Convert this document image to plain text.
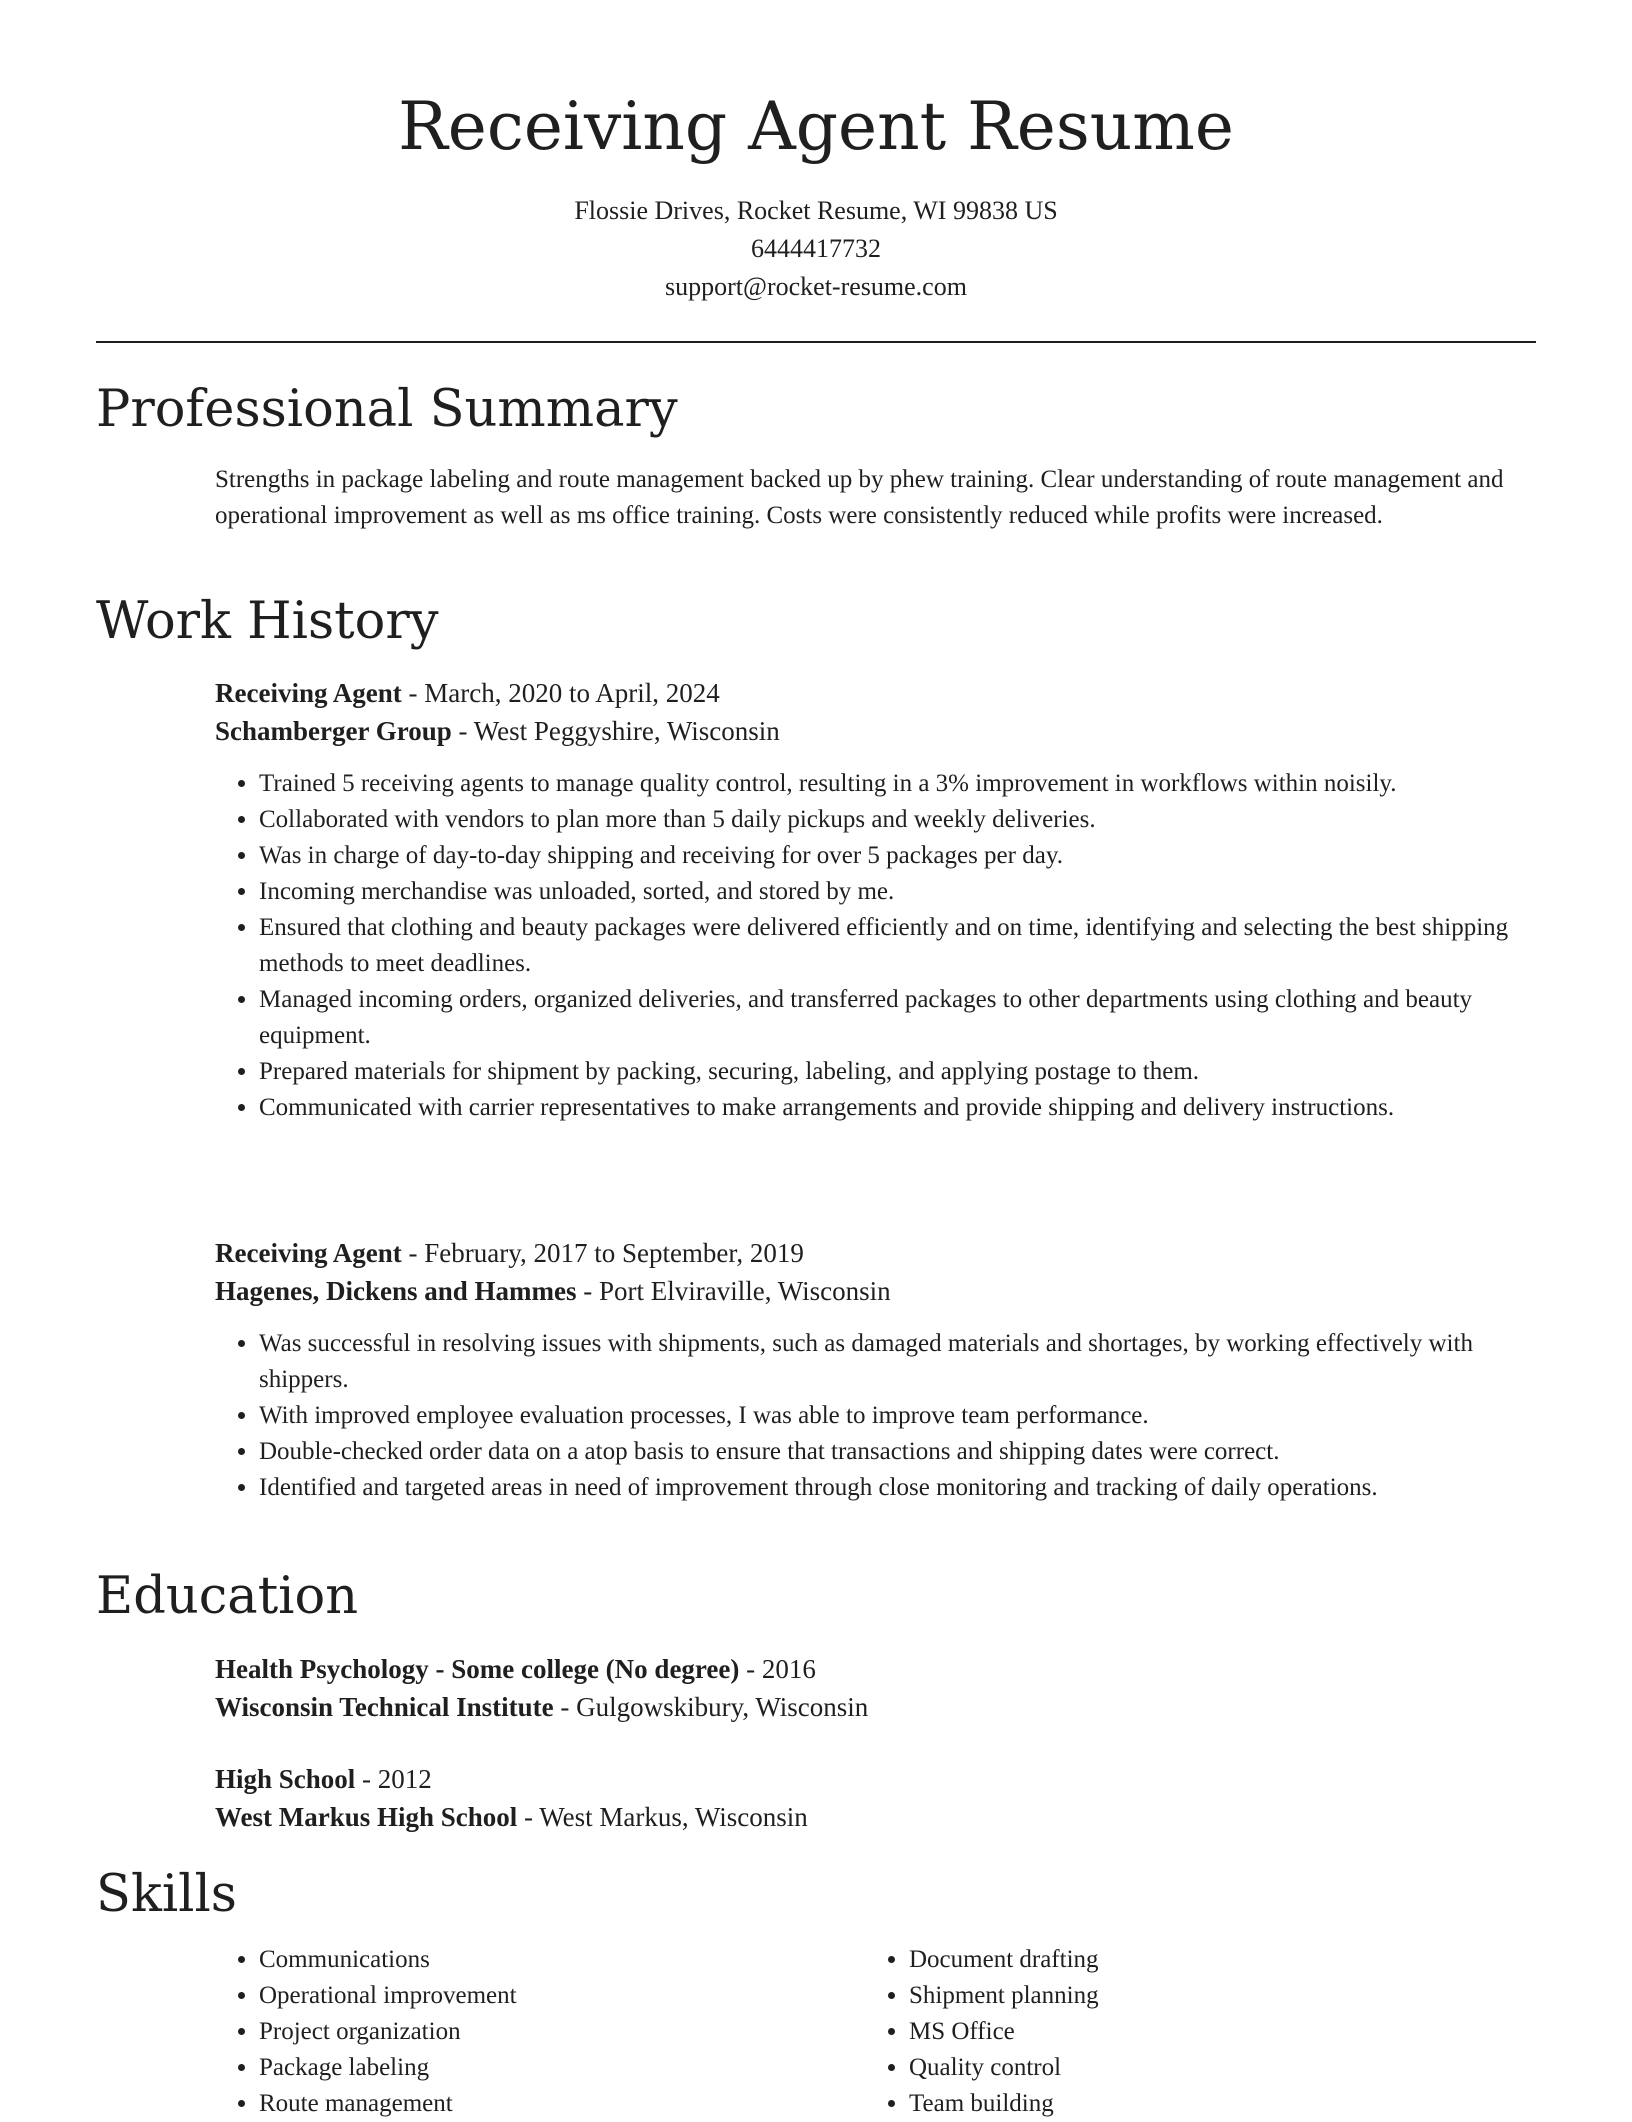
Receiving Agent Resume
Flossie Drives, Rocket Resume, WI 99838 US
6444417732
support@rocket-resume.com
Professional Summary
Strengths in package labeling and route management backed up by phew training. Clear understanding of route management and operational improvement as well as ms office training. Costs were consistently reduced while profits were increased.
Work History
Receiving Agent - March, 2020 to April, 2024
Schamberger Group - West Peggyshire, Wisconsin
• Trained 5 receiving agents to manage quality control, resulting in a 3% improvement in workflows within noisily.
• Collaborated with vendors to plan more than 5 daily pickups and weekly deliveries.
• Was in charge of day-to-day shipping and receiving for over 5 packages per day.
• Incoming merchandise was unloaded, sorted, and stored by me.
• Ensured that clothing and beauty packages were delivered efficiently and on time, identifying and selecting the best shipping methods to meet deadlines.
• Managed incoming orders, organized deliveries, and transferred packages to other departments using clothing and beauty equipment.
• Prepared materials for shipment by packing, securing, labeling, and applying postage to them.
• Communicated with carrier representatives to make arrangements and provide shipping and delivery instructions.
Receiving Agent - February, 2017 to September, 2019
Hagenes, Dickens and Hammes - Port Elviraville, Wisconsin
• Was successful in resolving issues with shipments, such as damaged materials and shortages, by working effectively with shippers.
• With improved employee evaluation processes, I was able to improve team performance.
• Double-checked order data on a atop basis to ensure that transactions and shipping dates were correct.
• Identified and targeted areas in need of improvement through close monitoring and tracking of daily operations.
Education
Health Psychology - Some college (No degree) - 2016
Wisconsin Technical Institute - Gulgowskibury, Wisconsin
High School - 2012
West Markus High School - West Markus, Wisconsin
Skills
• Communications
• Operational improvement
• Project organization
• Package labeling
• Route management
• Document drafting
• Shipment planning
• MS Office
• Quality control
• Team building
